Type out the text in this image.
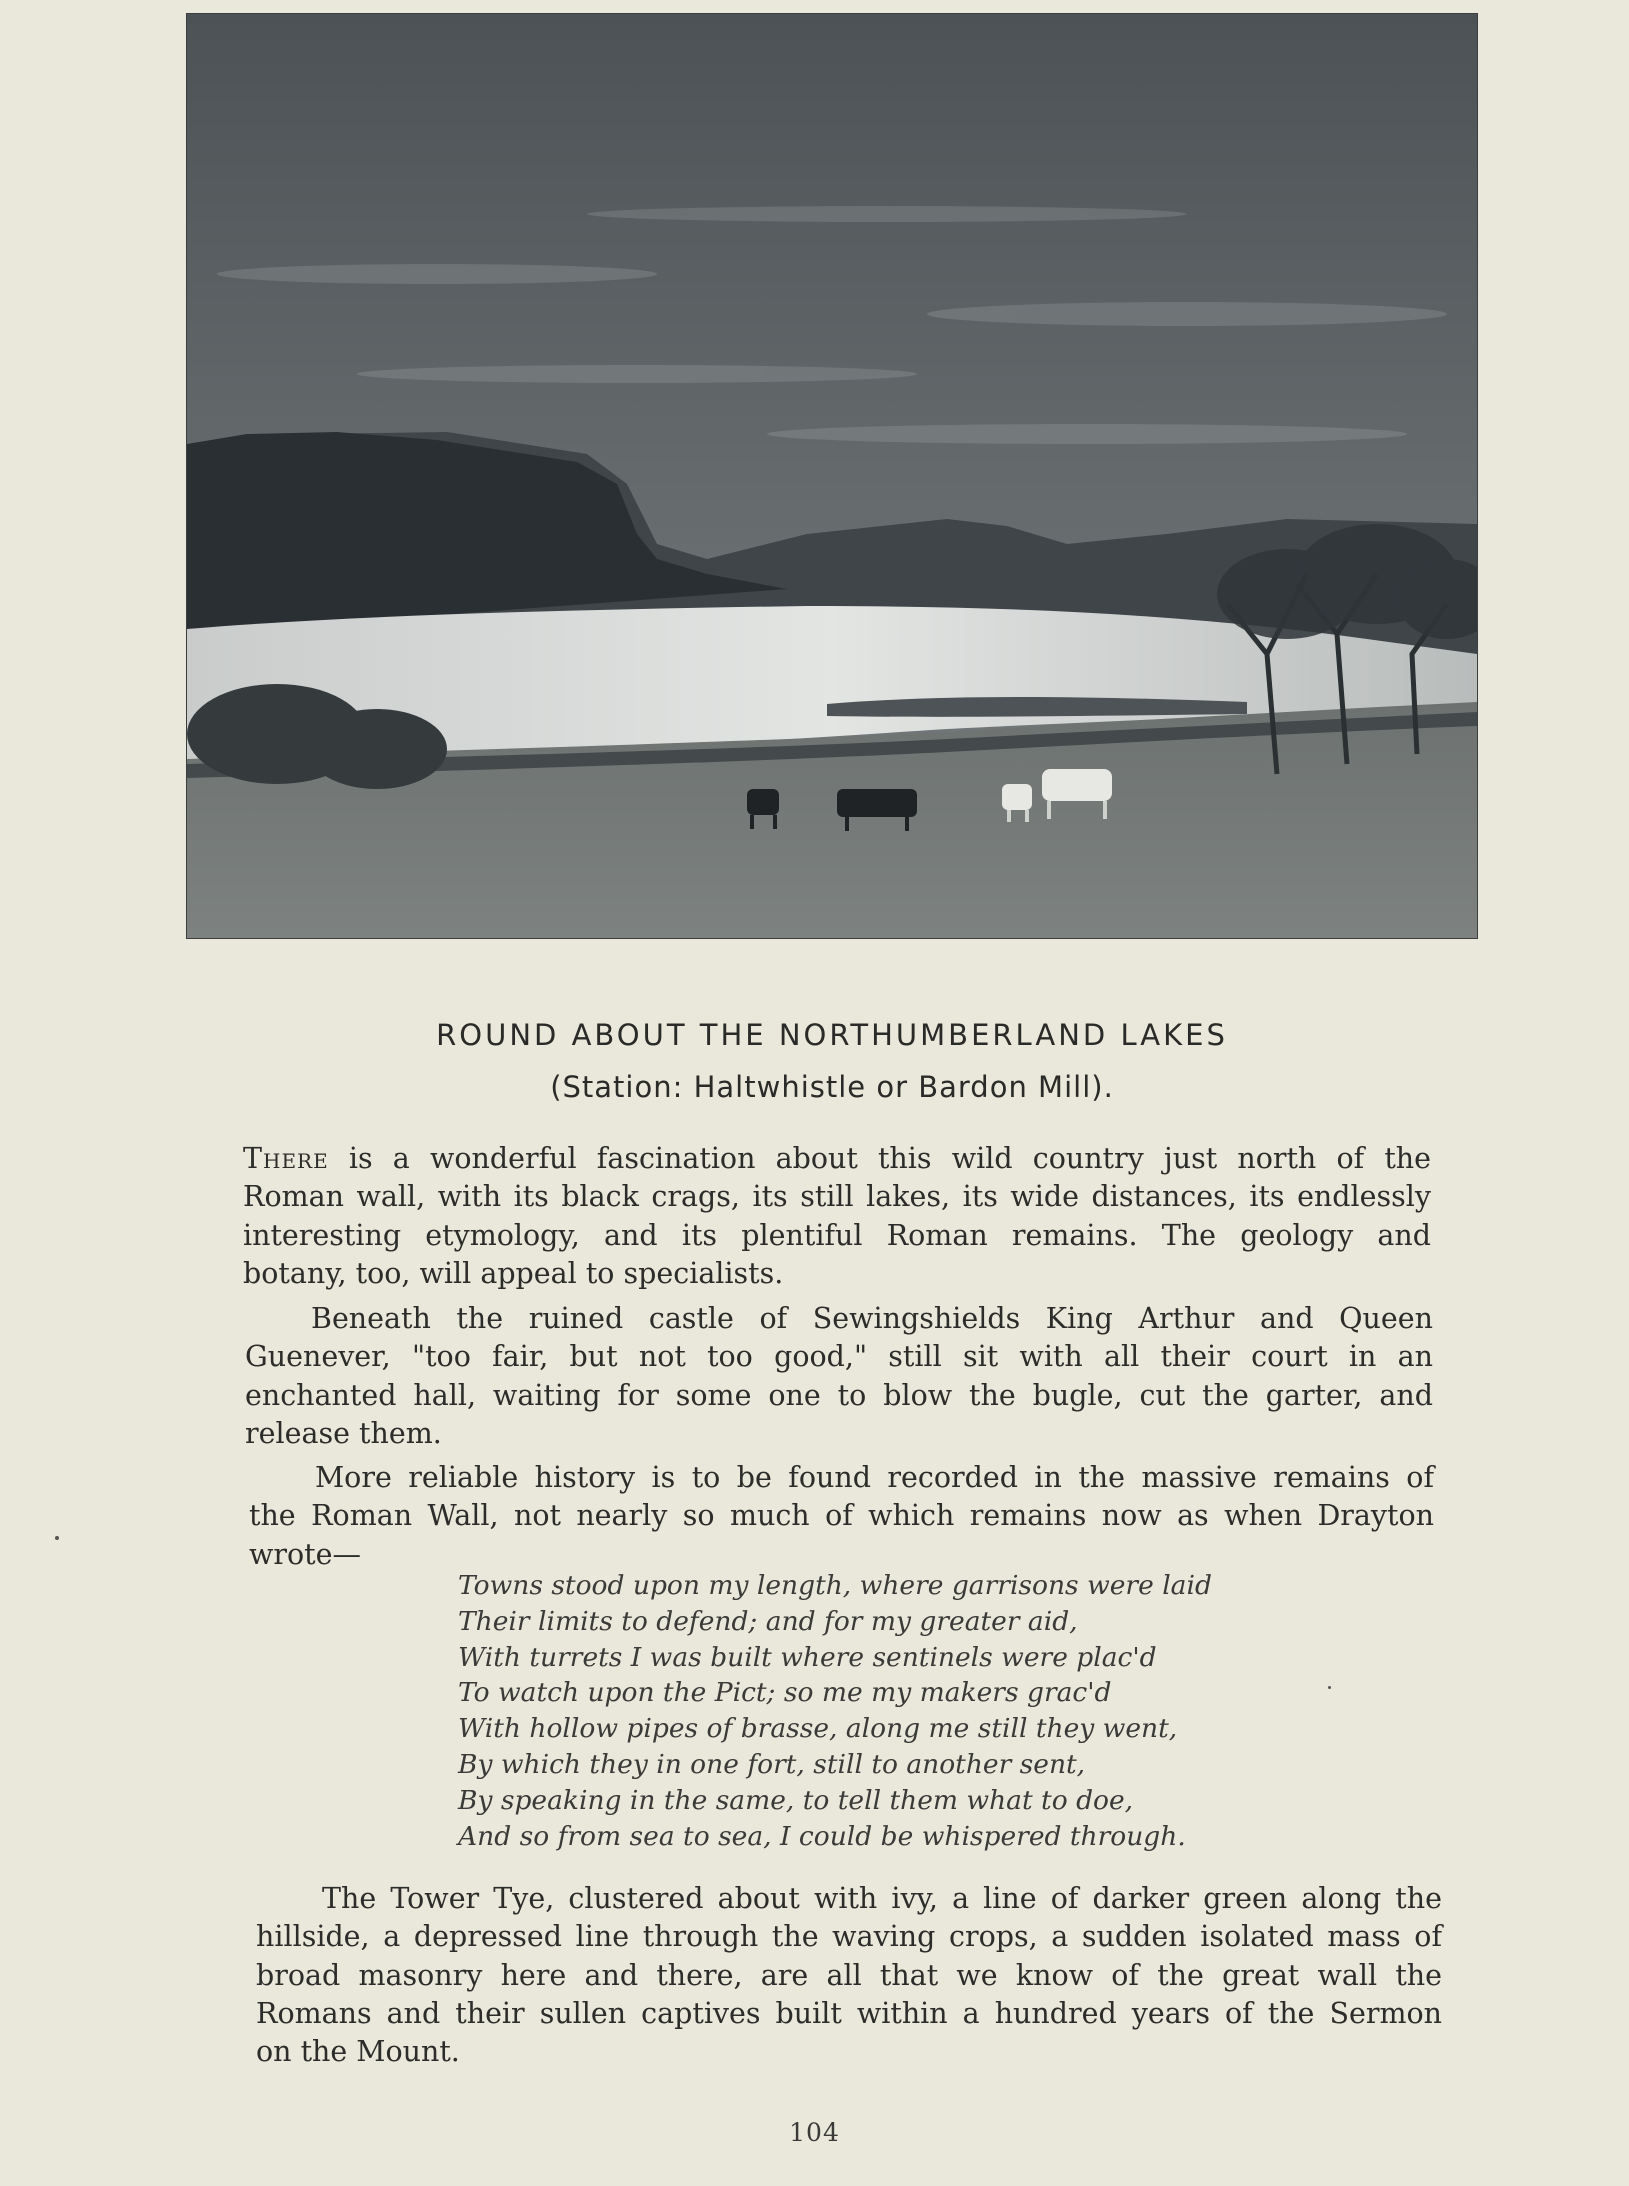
ROUND ABOUT THE NORTHUMBERLAND LAKES
(Station: Haltwhistle or Bardon Mill).

There is a wonderful fascination about this wild country just north of the
Roman wall, with its black crags, its still lakes, its wide distances, its endlessly
interesting etymology, and its plentiful Roman remains. The geology and
botany, too, will appeal to specialists.

Beneath the ruined castle of Sewingshields King Arthur and Queen
Guenever, "too fair, but not too good," still sit with all their court in an
enchanted hall, waiting for some one to blow the bugle, cut the garter, and
release them.

More reliable history is to be found recorded in the massive remains of
the Roman Wall, not nearly so much of which remains now as when Drayton
wrote—

Towns stood upon my length, where garrisons were laid
Their limits to defend; and for my greater aid,
With turrets I was built where sentinels were plac'd
To watch upon the Pict; so me my makers grac'd
With hollow pipes of brasse, along me still they went,
By which they in one fort, still to another sent,
By speaking in the same, to tell them what to doe,
And so from sea to sea, I could be whispered through.

The Tower Tye, clustered about with ivy, a line of darker green along the
hillside, a depressed line through the waving crops, a sudden isolated mass of
broad masonry here and there, are all that we know of the great wall the
Romans and their sullen captives built within a hundred years of the Sermon
on the Mount.

104
